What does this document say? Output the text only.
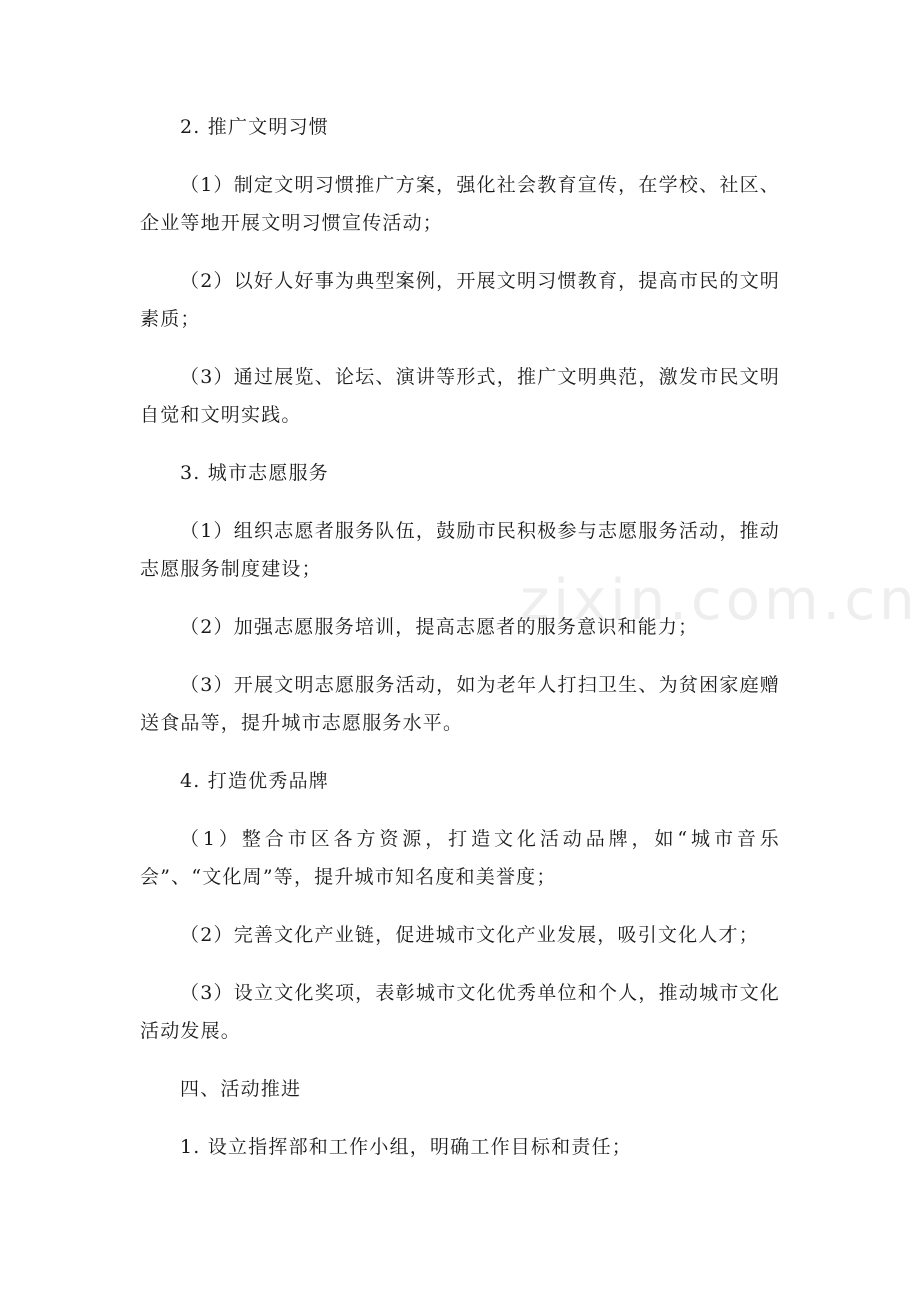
2. 推广文明习惯

（1）制定文明习惯推广方案，强化社会教育宣传，在学校、社区、企业等地开展文明习惯宣传活动；

（2）以好人好事为典型案例，开展文明习惯教育，提高市民的文明素质；

（3）通过展览、论坛、演讲等形式，推广文明典范，激发市民文明自觉和文明实践。

3. 城市志愿服务

（1）组织志愿者服务队伍，鼓励市民积极参与志愿服务活动，推动志愿服务制度建设；

（2）加强志愿服务培训，提高志愿者的服务意识和能力；

（3）开展文明志愿服务活动，如为老年人打扫卫生、为贫困家庭赠送食品等，提升城市志愿服务水平。

4. 打造优秀品牌

（1）整合市区各方资源，打造文化活动品牌，如“城市音乐会”、“文化周”等，提升城市知名度和美誉度；

（2）完善文化产业链，促进城市文化产业发展，吸引文化人才；

（3）设立文化奖项，表彰城市文化优秀单位和个人，推动城市文化活动发展。

四、活动推进

1. 设立指挥部和工作小组，明确工作目标和责任；

zixin.com.cn
